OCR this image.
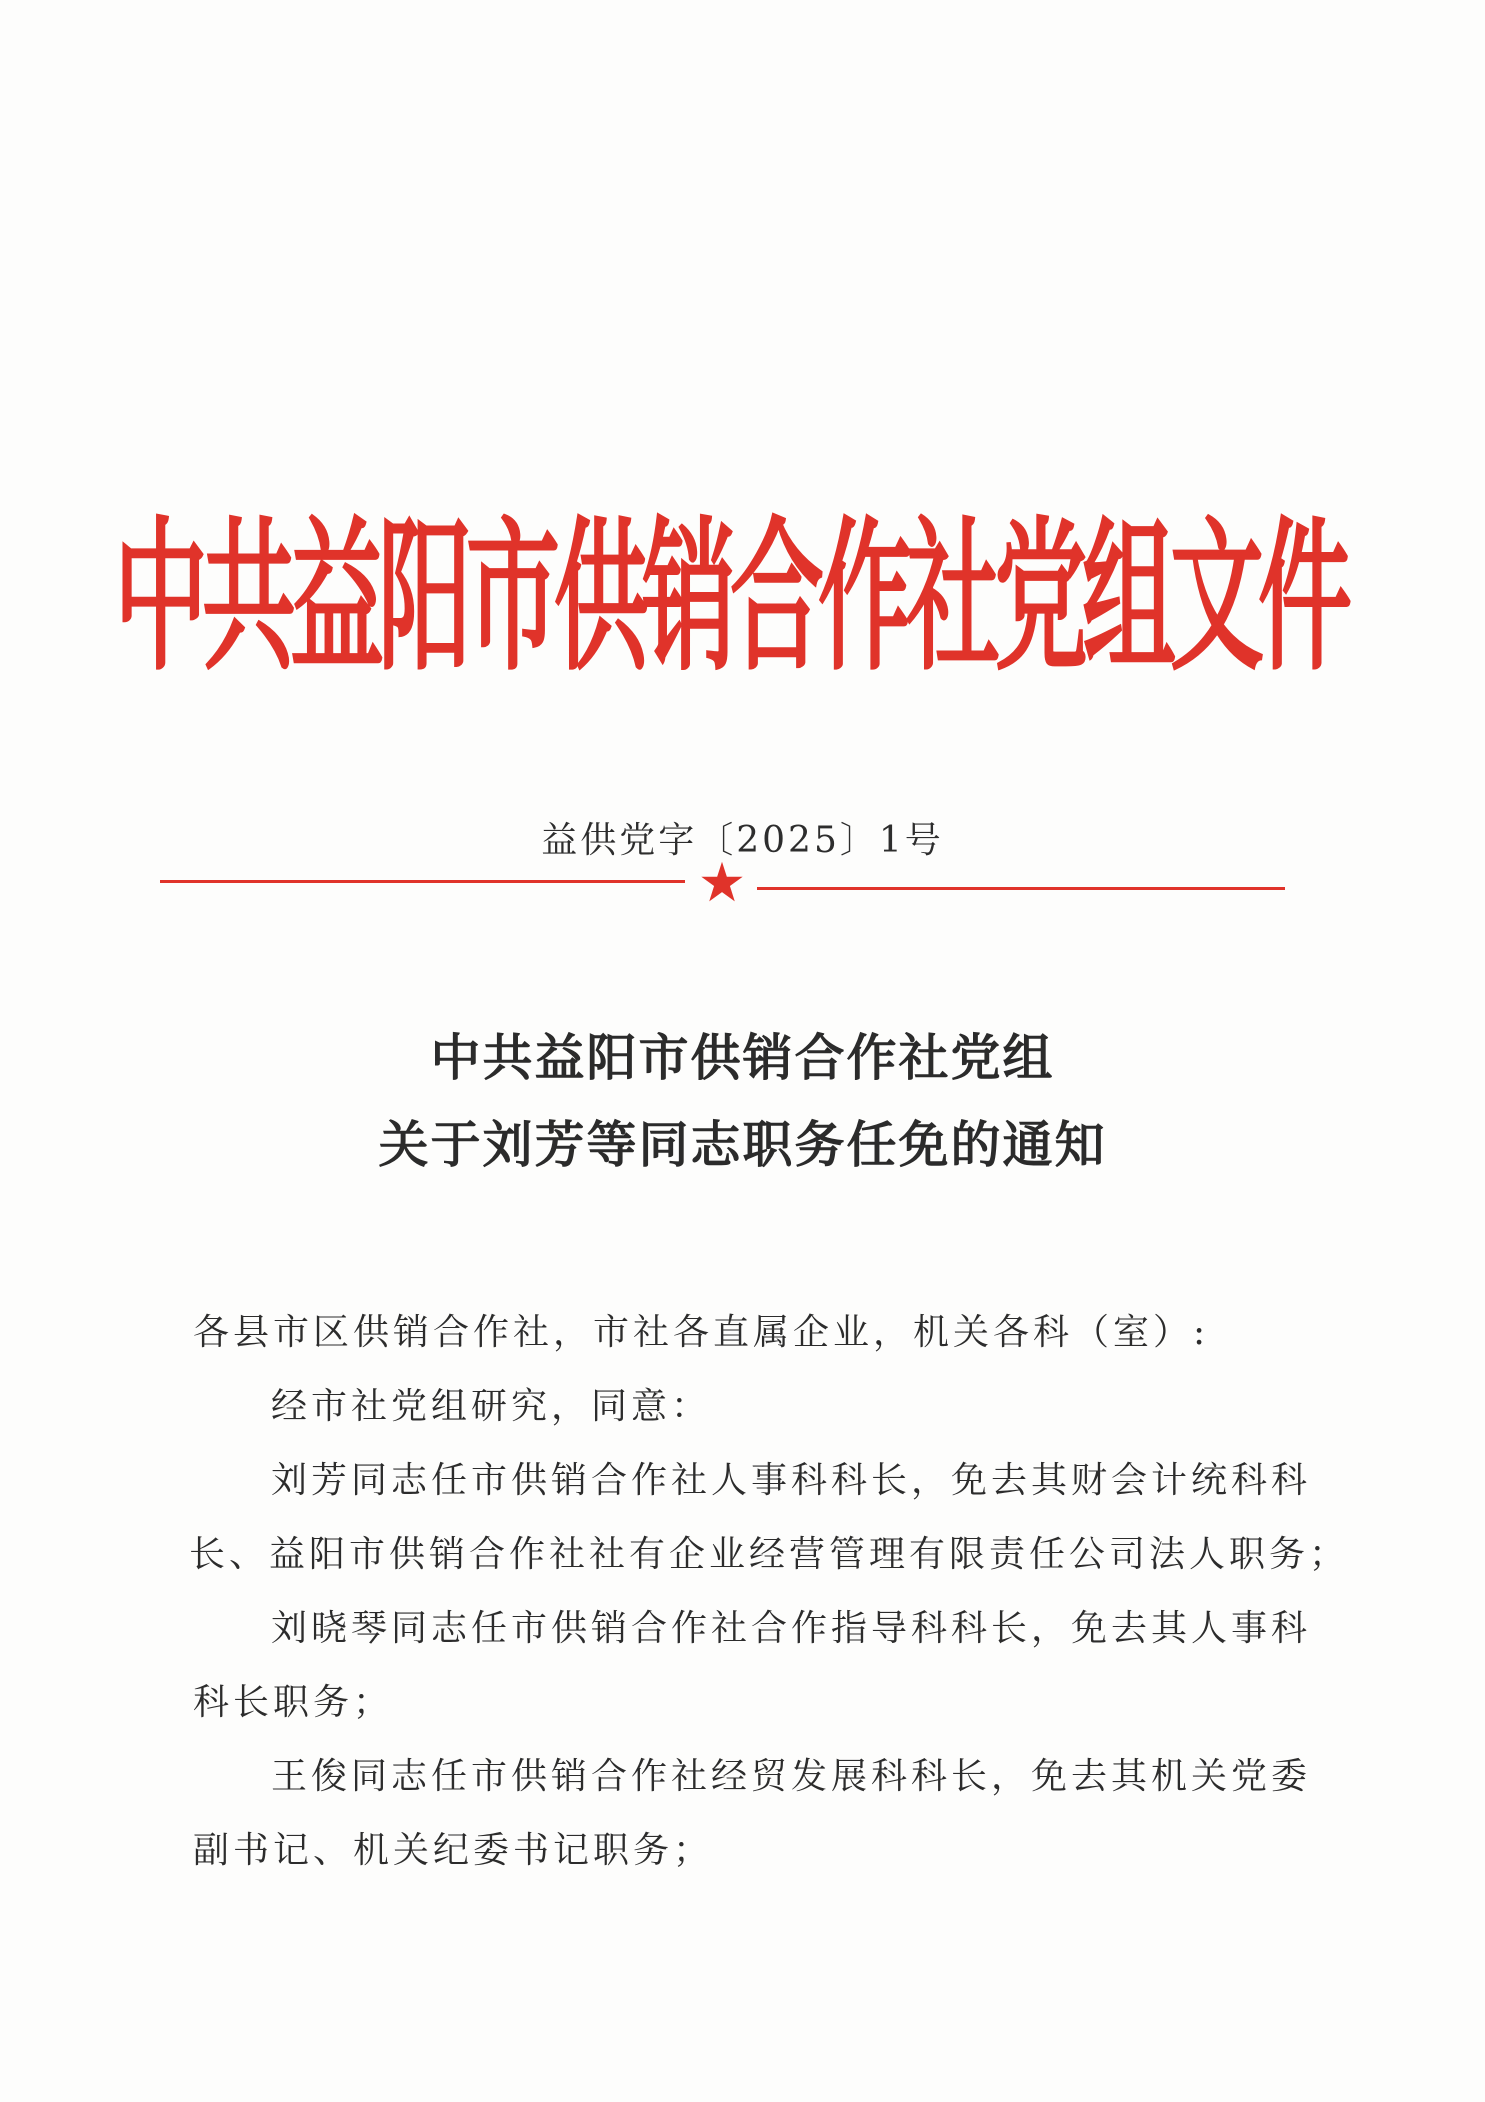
中共益阳市供销合作社党组文件
益供党字〔2025〕1号
中共益阳市供销合作社党组
关于刘芳等同志职务任免的通知
各县市区供销合作社，市社各直属企业，机关各科（室）:
经市社党组研究，同意：
刘芳同志任市供销合作社人事科科长，免去其财会计统科科
长、益阳市供销合作社社有企业经营管理有限责任公司法人职务；
刘晓琴同志任市供销合作社合作指导科科长，免去其人事科
科长职务；
王俊同志任市供销合作社经贸发展科科长，免去其机关党委
副书记、机关纪委书记职务；
